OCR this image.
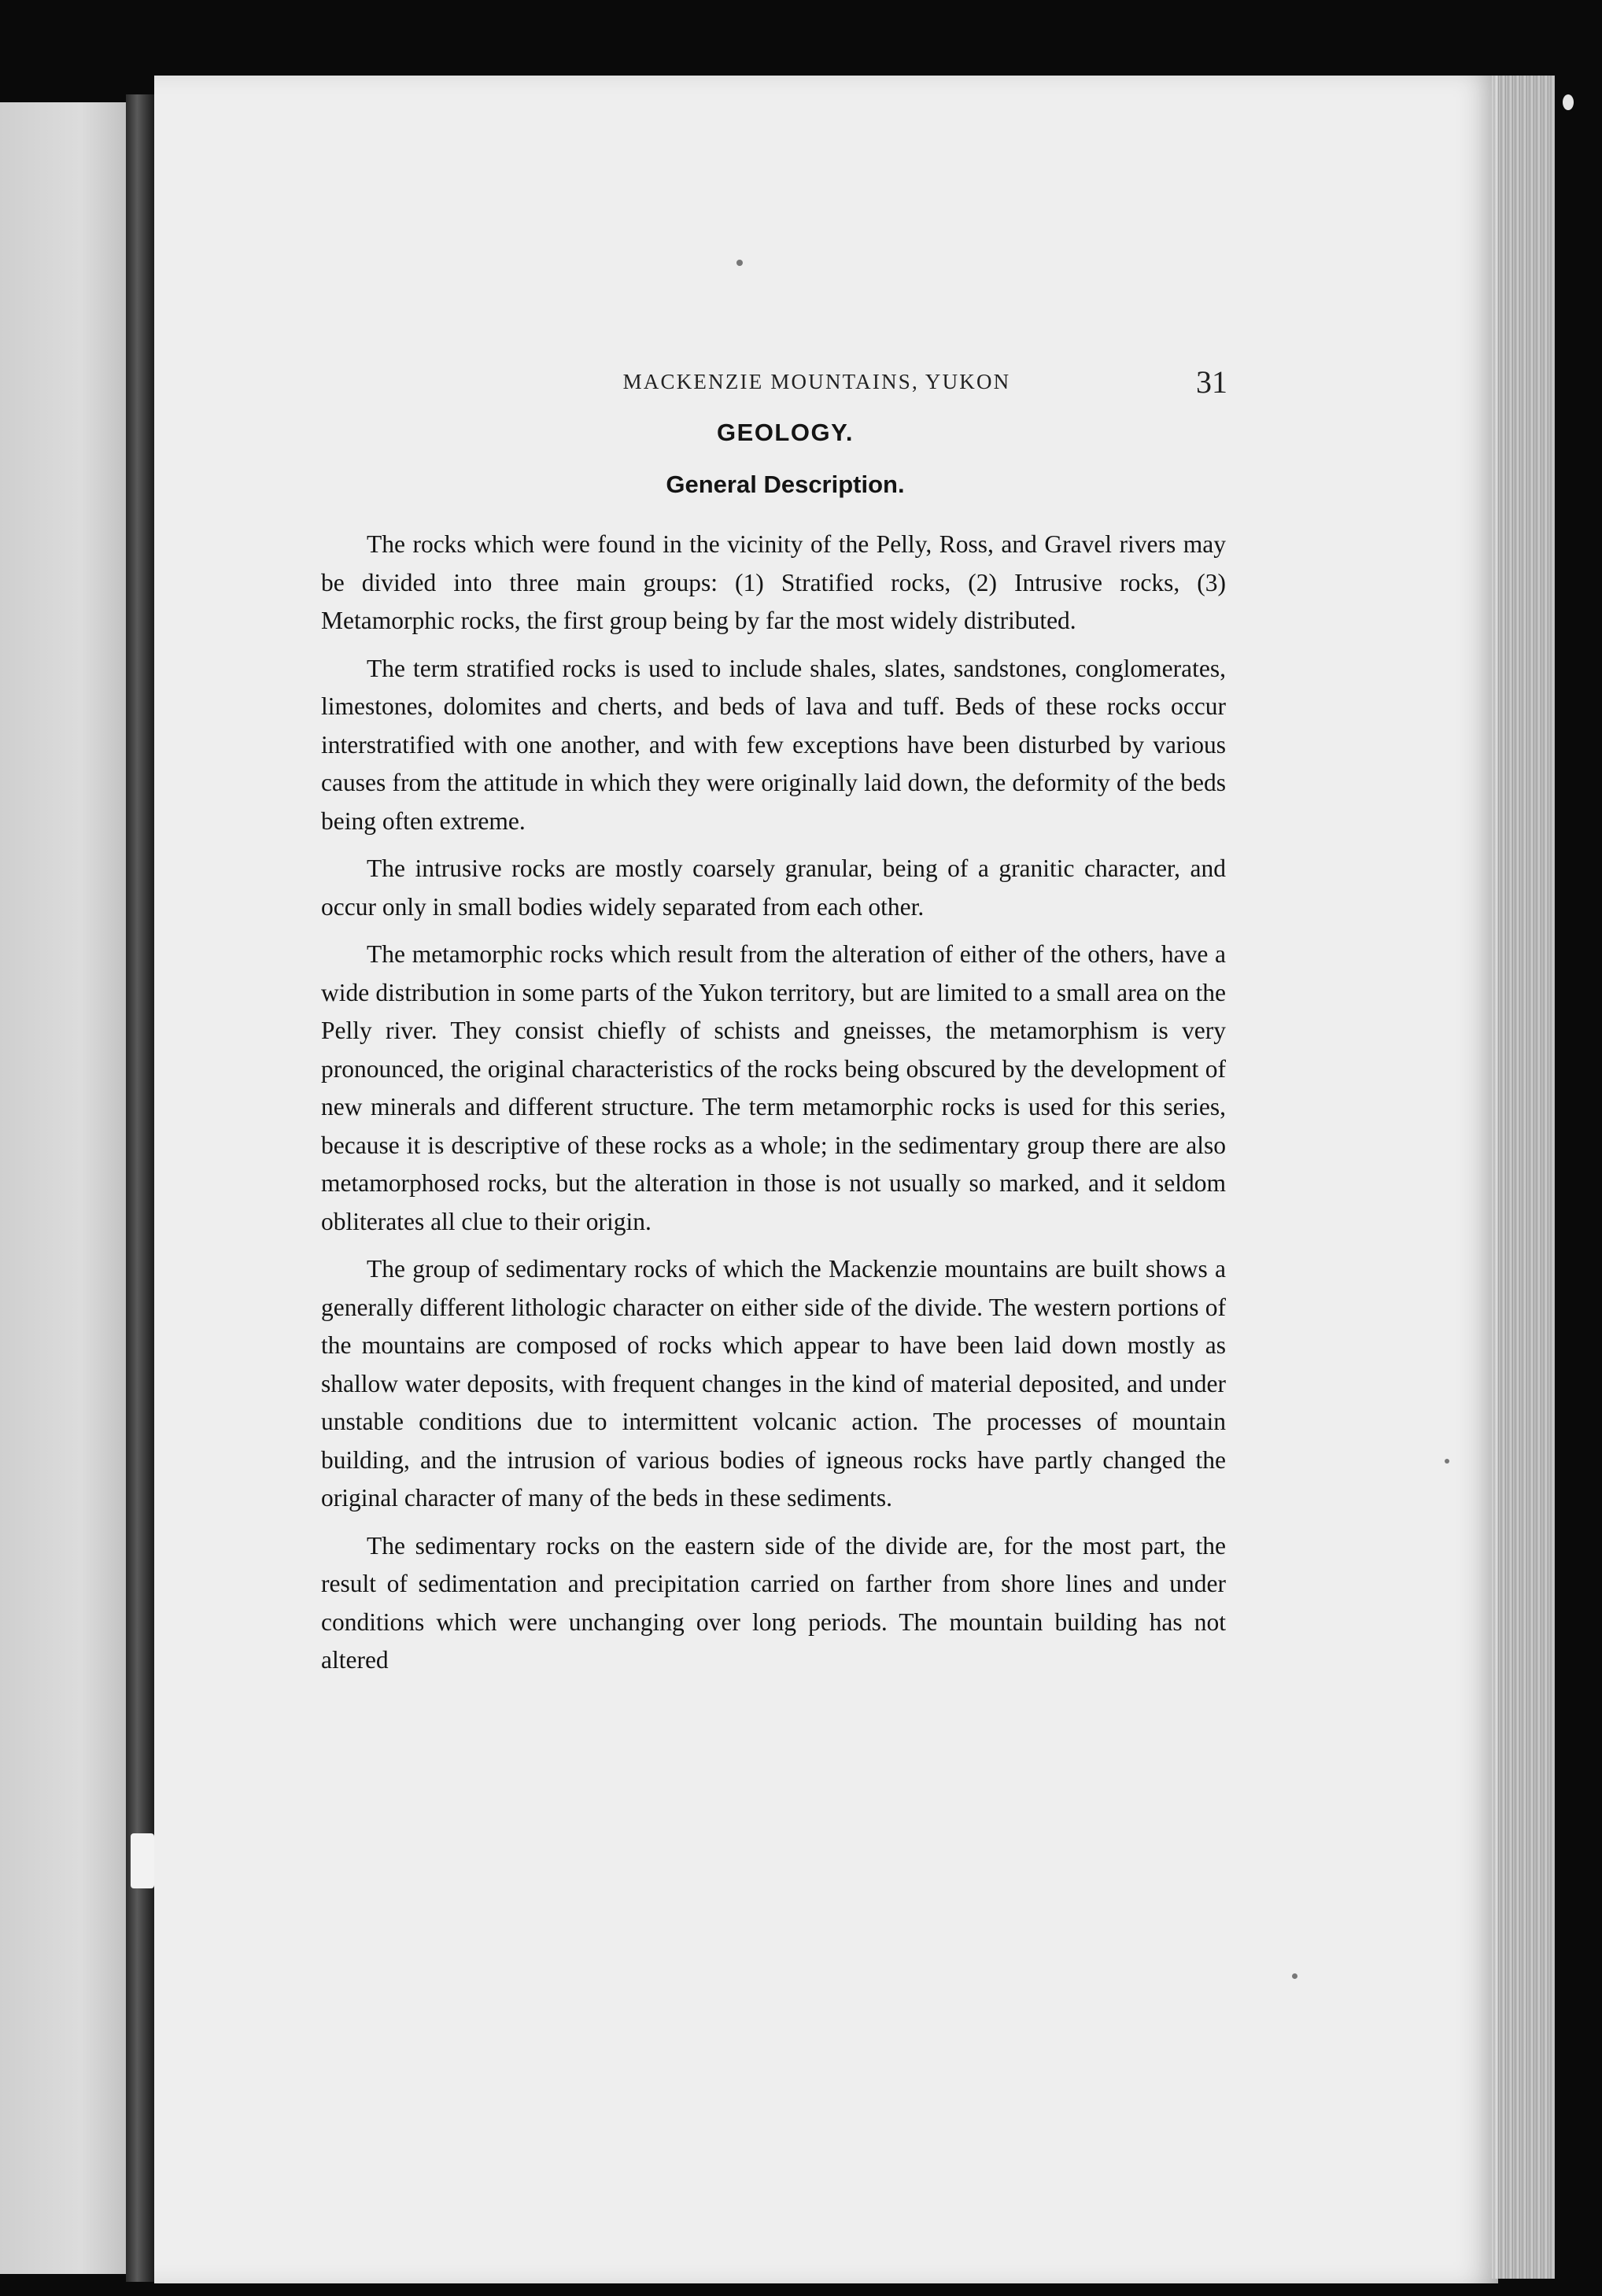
MACKENZIE MOUNTAINS, YUKON	31
GEOLOGY.
General Description.

The rocks which were found in the vicinity of the Pelly, Ross, and Gravel rivers may be divided into three main groups: (1) Stratified rocks, (2) Intrusive rocks, (3) Metamorphic rocks, the first group being by far the most widely distributed.

The term stratified rocks is used to include shales, slates, sandstones, conglomerates, limestones, dolomites and cherts, and beds of lava and tuff. Beds of these rocks occur interstratified with one another, and with few exceptions have been disturbed by various causes from the attitude in which they were originally laid down, the deformity of the beds being often extreme.

The intrusive rocks are mostly coarsely granular, being of a granitic character, and occur only in small bodies widely separated from each other.

The metamorphic rocks which result from the alteration of either of the others, have a wide distribution in some parts of the Yukon territory, but are limited to a small area on the Pelly river. They consist chiefly of schists and gneisses, the metamorphism is very pronounced, the original characteristics of the rocks being obscured by the development of new minerals and different structure. The term metamorphic rocks is used for this series, because it is descriptive of these rocks as a whole; in the sedimentary group there are also metamorphosed rocks, but the alteration in those is not usually so marked, and it seldom obliterates all clue to their origin.

The group of sedimentary rocks of which the Mackenzie mountains are built shows a generally different lithologic character on either side of the divide. The western portions of the mountains are composed of rocks which appear to have been laid down mostly as shallow water deposits, with frequent changes in the kind of material deposited, and under unstable conditions due to intermittent volcanic action. The processes of mountain building, and the intrusion of various bodies of igneous rocks have partly changed the original character of many of the beds in these sediments.

The sedimentary rocks on the eastern side of the divide are, for the most part, the result of sedimentation and precipitation carried on farther from shore lines and under conditions which were unchanging over long periods. The mountain building has not altered
